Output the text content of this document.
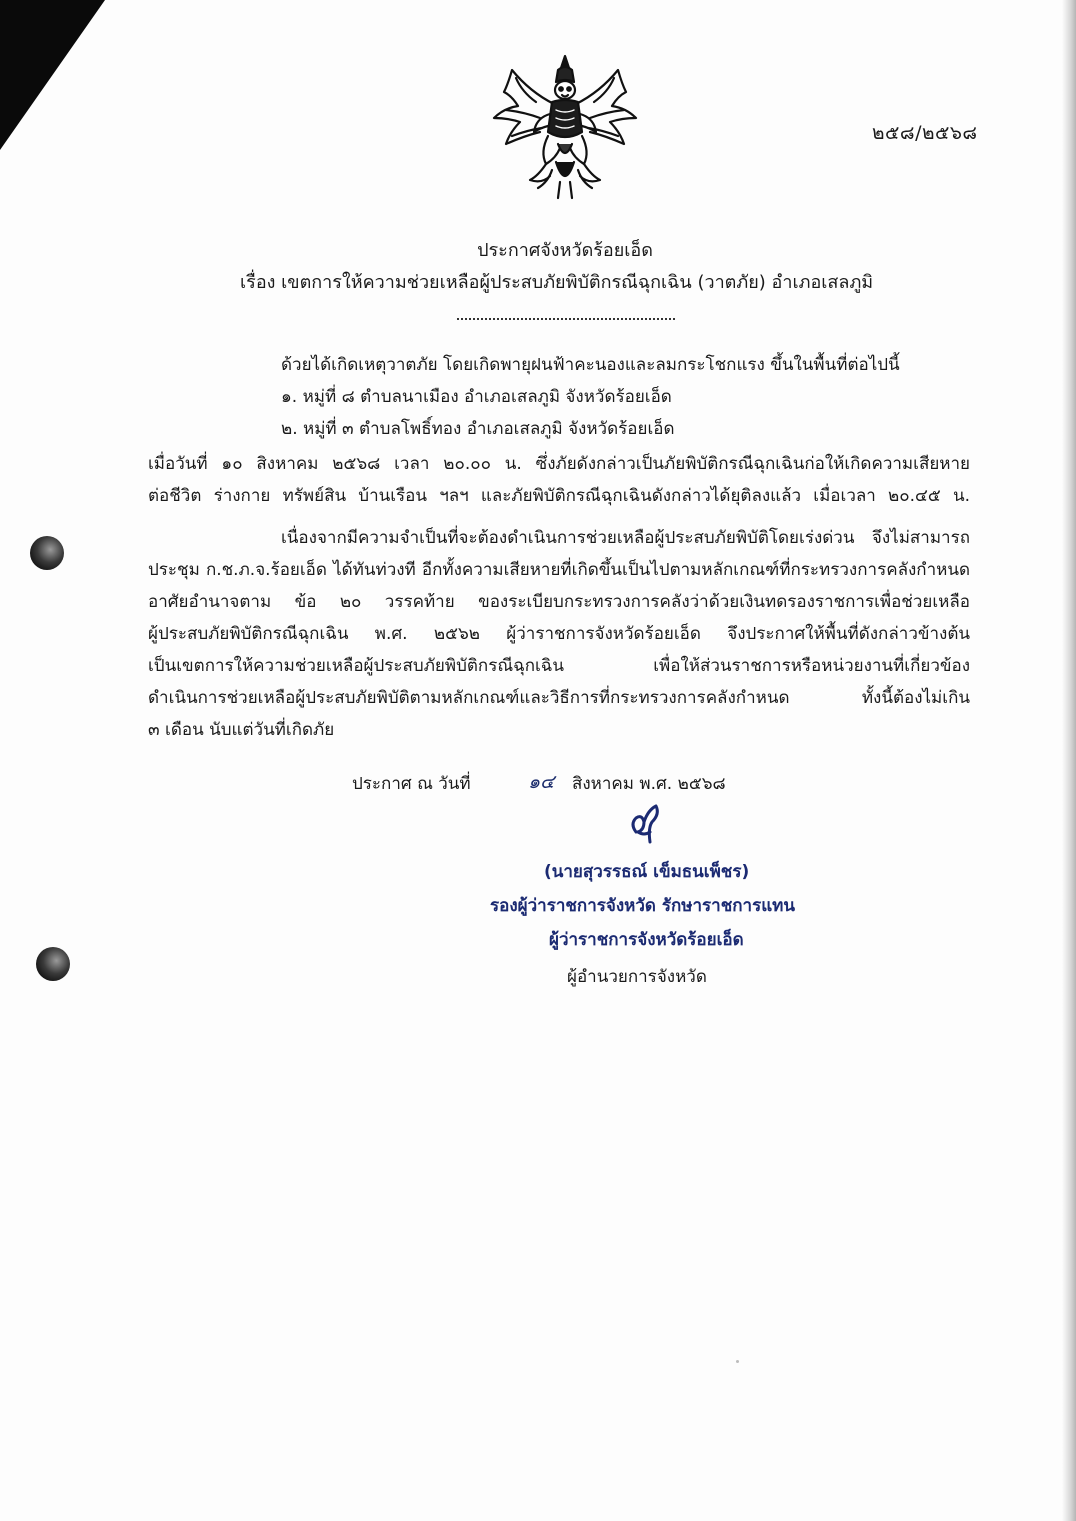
๒๕๘/๒๕๖๘
ประกาศจังหวัดร้อยเอ็ด
เรื่อง เขตการให้ความช่วยเหลือผู้ประสบภัยพิบัติกรณีฉุกเฉิน (วาตภัย) อำเภอเสลภูมิ
ด้วยได้เกิดเหตุวาตภัย โดยเกิดพายุฝนฟ้าคะนองและลมกระโชกแรง ขึ้นในพื้นที่ต่อไปนี้
๑. หมู่ที่ ๘ ตำบลนาเมือง อำเภอเสลภูมิ จังหวัดร้อยเอ็ด
๒. หมู่ที่ ๓ ตำบลโพธิ์ทอง อำเภอเสลภูมิ จังหวัดร้อยเอ็ด
เมื่อวันที่ ๑๐ สิงหาคม ๒๕๖๘ เวลา ๒๐.๐๐ น. ซึ่งภัยดังกล่าวเป็นภัยพิบัติกรณีฉุกเฉินก่อให้เกิดความเสียหาย
ต่อชีวิต ร่างกาย ทรัพย์สิน บ้านเรือน ฯลฯ และภัยพิบัติกรณีฉุกเฉินดังกล่าวได้ยุติลงแล้ว เมื่อเวลา ๒๐.๔๕ น.
เนื่องจากมีความจำเป็นที่จะต้องดำเนินการช่วยเหลือผู้ประสบภัยพิบัติโดยเร่งด่วน จึงไม่สามารถ
ประชุม ก.ช.ภ.จ.ร้อยเอ็ด ได้ทันท่วงที อีกทั้งความเสียหายที่เกิดขึ้นเป็นไปตามหลักเกณฑ์ที่กระทรวงการคลังกำหนด
อาศัยอำนาจตาม ข้อ ๒๐ วรรคท้าย ของระเบียบกระทรวงการคลังว่าด้วยเงินทดรองราชการเพื่อช่วยเหลือ
ผู้ประสบภัยพิบัติกรณีฉุกเฉิน พ.ศ. ๒๕๖๒ ผู้ว่าราชการจังหวัดร้อยเอ็ด จึงประกาศให้พื้นที่ดังกล่าวข้างต้น
เป็นเขตการให้ความช่วยเหลือผู้ประสบภัยพิบัติกรณีฉุกเฉิน เพื่อให้ส่วนราชการหรือหน่วยงานที่เกี่ยวข้อง
ดำเนินการช่วยเหลือผู้ประสบภัยพิบัติตามหลักเกณฑ์และวิธีการที่กระทรวงการคลังกำหนด ทั้งนี้ต้องไม่เกิน
๓ เดือน นับแต่วันที่เกิดภัย
ประกาศ ณ วันที่	๑๔ สิงหาคม พ.ศ. ๒๕๖๘
(นายสุวรรธณ์ เข็มธนเพ็ชร)
รองผู้ว่าราชการจังหวัด รักษาราชการแทน
ผู้ว่าราชการจังหวัดร้อยเอ็ด
ผู้อำนวยการจังหวัด
